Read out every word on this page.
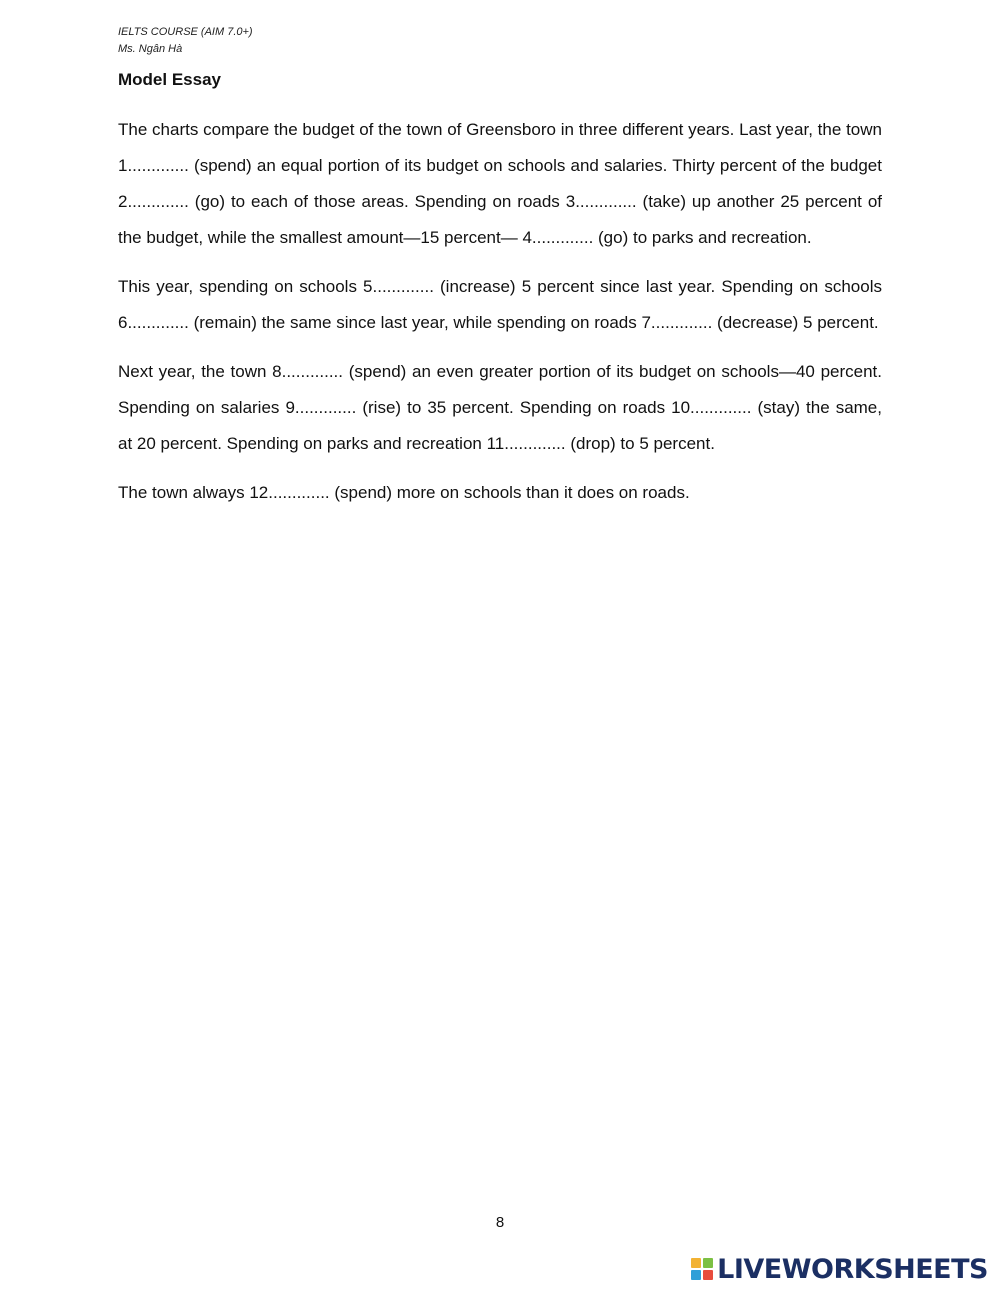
IELTS COURSE (AIM 7.0+)
Ms. Ngân Hà
Model Essay

The charts compare the budget of the town of Greensboro in three different years. Last year, the town 1............. (spend) an equal portion of its budget on schools and salaries. Thirty percent of the budget 2............. (go) to each of those areas. Spending on roads 3............. (take) up another 25 percent of the budget, while the smallest amount—15 percent— 4............. (go) to parks and recreation.

This year, spending on schools 5............. (increase) 5 percent since last year. Spending on schools 6............. (remain) the same since last year, while spending on roads 7............. (decrease) 5 percent.

Next year, the town 8............. (spend) an even greater portion of its budget on schools—40 percent. Spending on salaries 9............. (rise) to 35 percent. Spending on roads 10............. (stay) the same, at 20 percent. Spending on parks and recreation 11............. (drop) to 5 percent.

The town always 12............. (spend) more on schools than it does on roads.

8
LIVEWORKSHEETS
